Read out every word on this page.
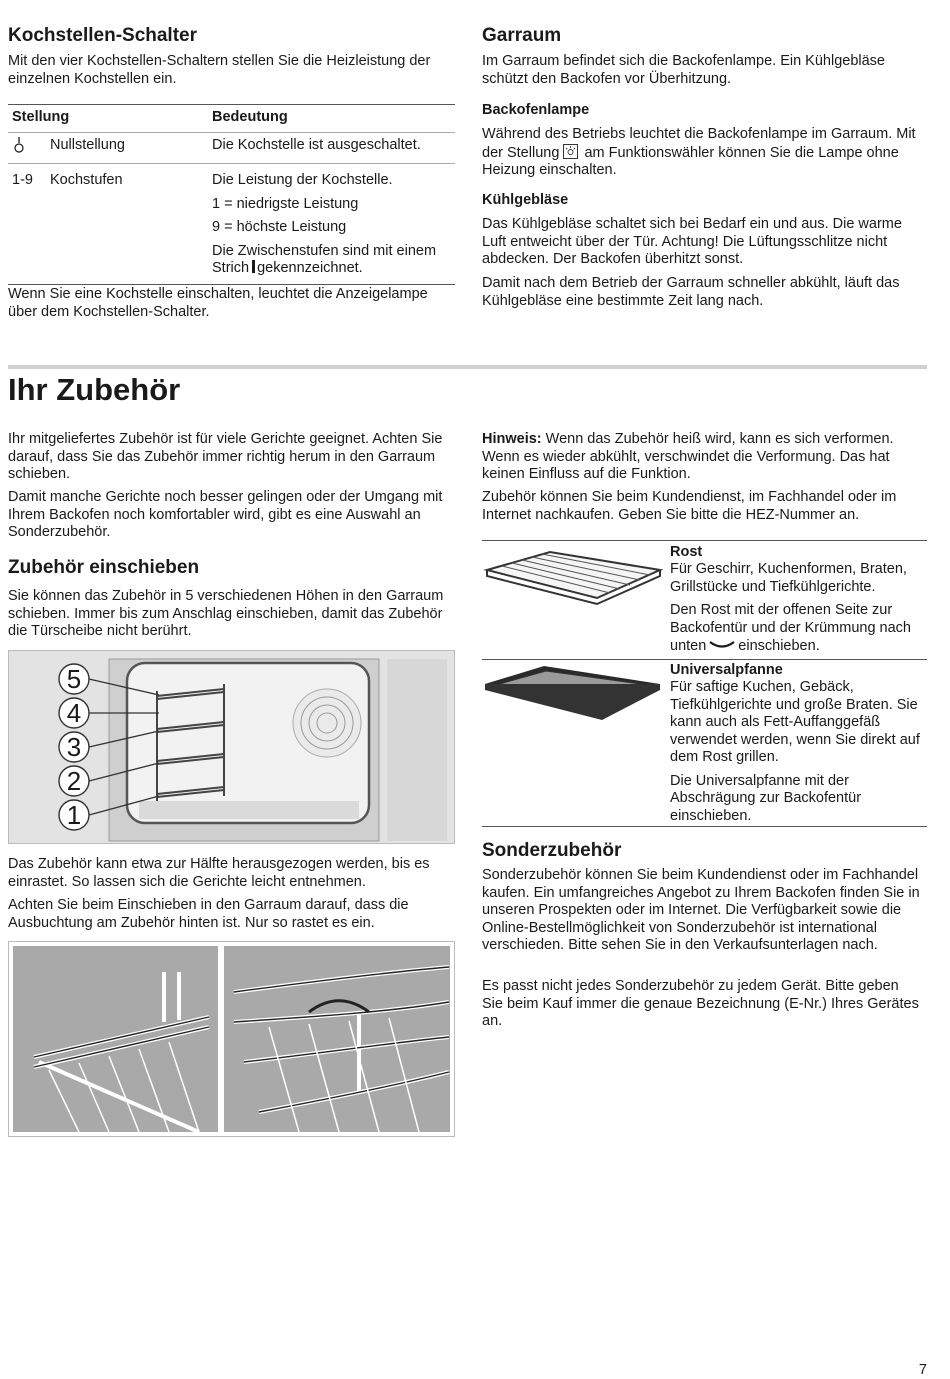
Kochstellen-Schalter

Mit den vier Kochstellen-Schaltern stellen Sie die Heizleistung der einzelnen Kochstellen ein.

Stellung	Bedeutung
Nullstellung	Die Kochstelle ist ausgeschaltet.
1-9	Kochstufen	Die Leistung der Kochstelle.
1 = niedrigste Leistung
9 = höchste Leistung
Die Zwischenstufen sind mit einem Strich gekennzeichnet.

Wenn Sie eine Kochstelle einschalten, leuchtet die Anzeigelampe über dem Kochstellen-Schalter.

Garraum

Im Garraum befindet sich die Backofenlampe. Ein Kühlgebläse schützt den Backofen vor Überhitzung.

Backofenlampe

Während des Betriebs leuchtet die Backofenlampe im Garraum. Mit der Stellung am Funktionswähler können Sie die Lampe ohne Heizung einschalten.

Kühlgebläse

Das Kühlgebläse schaltet sich bei Bedarf ein und aus. Die warme Luft entweicht über der Tür. Achtung! Die Lüftungsschlitze nicht abdecken. Der Backofen überhitzt sonst.

Damit nach dem Betrieb der Garraum schneller abkühlt, läuft das Kühlgebläse eine bestimmte Zeit lang nach.

Ihr Zubehör

Ihr mitgeliefertes Zubehör ist für viele Gerichte geeignet. Achten Sie darauf, dass Sie das Zubehör immer richtig herum in den Garraum schieben.

Damit manche Gerichte noch besser gelingen oder der Umgang mit Ihrem Backofen noch komfortabler wird, gibt es eine Auswahl an Sonderzubehör.

Zubehör einschieben

Sie können das Zubehör in 5 verschiedenen Höhen in den Garraum schieben. Immer bis zum Anschlag einschieben, damit das Zubehör die Türscheibe nicht berührt.

5
4
3
2
1

Das Zubehör kann etwa zur Hälfte herausgezogen werden, bis es einrastet. So lassen sich die Gerichte leicht entnehmen.

Achten Sie beim Einschieben in den Garraum darauf, dass die Ausbuchtung am Zubehör hinten ist. Nur so rastet es ein.

Hinweis: Wenn das Zubehör heiß wird, kann es sich verformen. Wenn es wieder abkühlt, verschwindet die Verformung. Das hat keinen Einfluss auf die Funktion.

Zubehör können Sie beim Kundendienst, im Fachhandel oder im Internet nachkaufen. Geben Sie bitte die HEZ-Nummer an.

Rost

Für Geschirr, Kuchenformen, Braten, Grillstücke und Tiefkühlgerichte.

Den Rost mit der offenen Seite zur Backofentür und der Krümmung nach unten einschieben.

Universalpfanne

Für saftige Kuchen, Gebäck, Tiefkühlgerichte und große Braten. Sie kann auch als Fett-Auffanggefäß verwendet werden, wenn Sie direkt auf dem Rost grillen.

Die Universalpfanne mit der Abschrägung zur Backofentür einschieben.

Sonderzubehör

Sonderzubehör können Sie beim Kundendienst oder im Fachhandel kaufen. Ein umfangreiches Angebot zu Ihrem Backofen finden Sie in unseren Prospekten oder im Internet. Die Verfügbarkeit sowie die Online-Bestellmöglichkeit von Sonderzubehör ist international verschieden. Bitte sehen Sie in den Verkaufsunterlagen nach.

Es passt nicht jedes Sonderzubehör zu jedem Gerät. Bitte geben Sie beim Kauf immer die genaue Bezeichnung (E-Nr.) Ihres Gerätes an.

7
